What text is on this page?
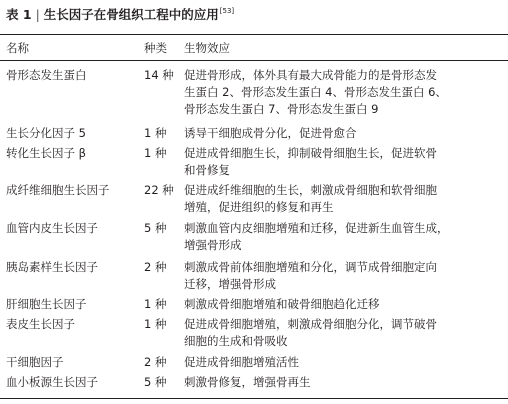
表 1 | 生长因子在骨组织工程中的应用[53]
名称	种类 生物效应
骨形态发生蛋白	14 种 促进骨形成，体外具有最大成骨能力的是骨形态发
生蛋白 2、骨形态发生蛋白 4、骨形态发生蛋白 6、
骨形态发生蛋白 7、骨形态发生蛋白 9
生长分化因子 5	1 种 诱导干细胞成骨分化，促进骨愈合
转化生长因子 β	1 种 促进成骨细胞生长，抑制破骨细胞生长，促进软骨
和骨修复
成纤维细胞生长因子	22 种 促进成纤维细胞的生长，刺激成骨细胞和软骨细胞
增殖，促进组织的修复和再生
血管内皮生长因子	5 种 刺激血管内皮细胞增殖和迁移，促进新生血管生成，
增强骨形成
胰岛素样生长因子	2 种 刺激成骨前体细胞增殖和分化，调节成骨细胞定向
迁移，增强骨形成
肝细胞生长因子	1 种 刺激成骨细胞增殖和破骨细胞趋化迁移
表皮生长因子	1 种 促进成骨细胞增殖，刺激成骨细胞分化，调节破骨
细胞的生成和骨吸收
干细胞因子	2 种 促进成骨细胞增殖活性
血小板源生长因子	5 种 刺激骨修复，增强骨再生
